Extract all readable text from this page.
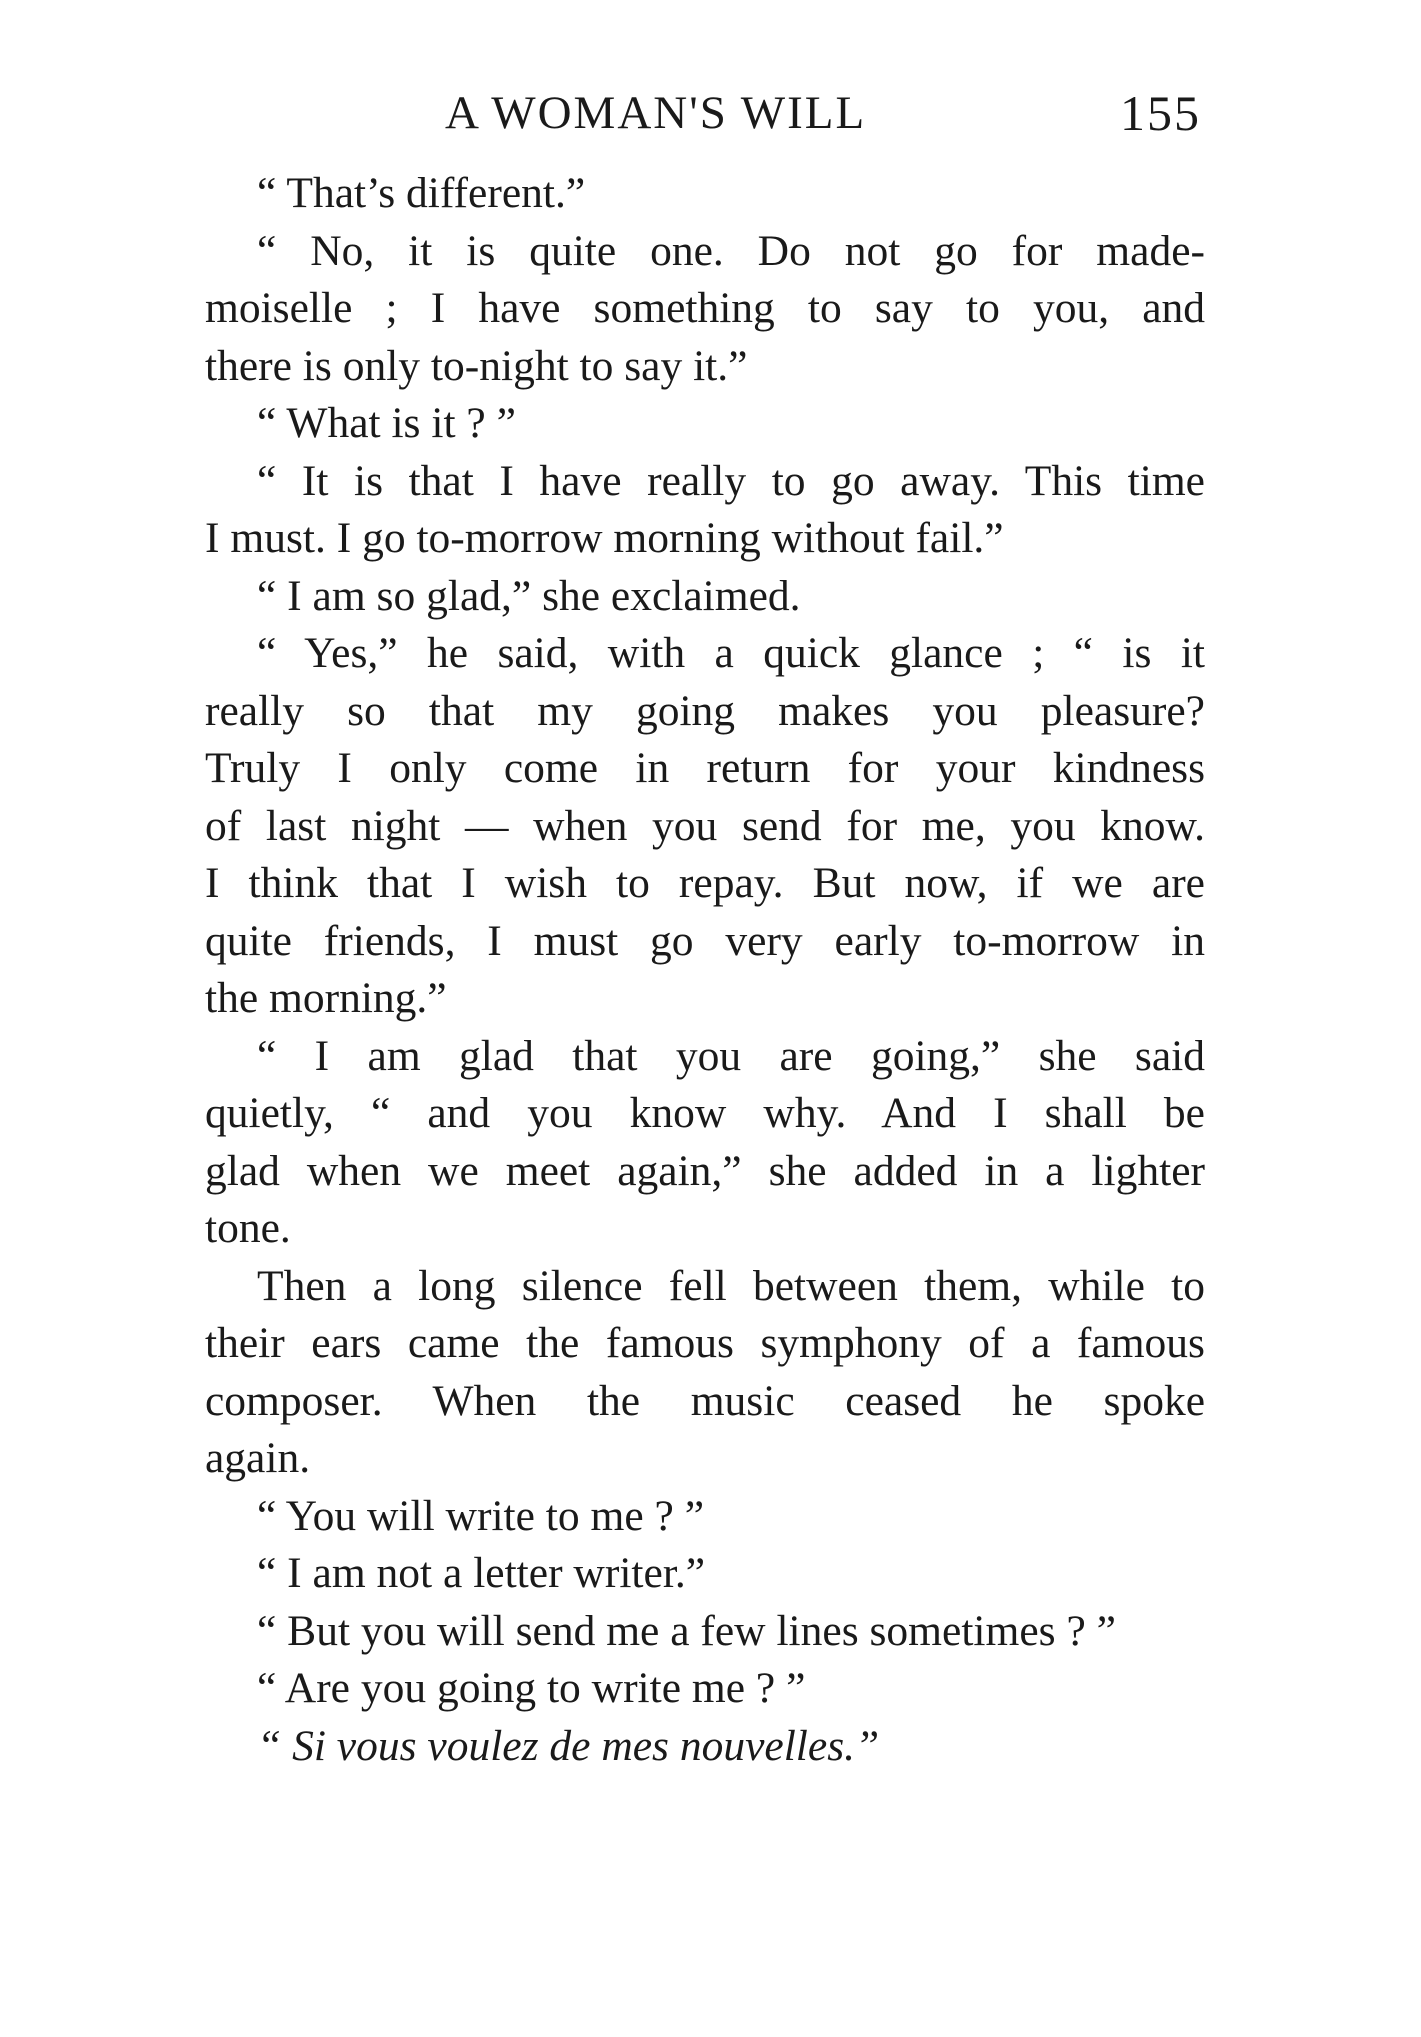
A WOMAN'S WILL	155
“ That’s different.”
“ No, it is quite one. Do not go for made-
moiselle ; I have something to say to you, and
there is only to-night to say it.”
“ What is it ? ”
“ It is that I have really to go away. This time
I must. I go to-morrow morning without fail.”
“ I am so glad,” she exclaimed.
“ Yes,” he said, with a quick glance ; “ is it
really so that my going makes you pleasure?
Truly I only come in return for your kindness
of last night — when you send for me, you know.
I think that I wish to repay. But now, if we are
quite friends, I must go very early to-morrow in
the morning.”
“ I am glad that you are going,” she said
quietly, “ and you know why. And I shall be
glad when we meet again,” she added in a lighter
tone.
Then a long silence fell between them, while to
their ears came the famous symphony of a famous
composer. When the music ceased he spoke
again.
“ You will write to me ? ”
“ I am not a letter writer.”
“ But you will send me a few lines sometimes ? ”
“ Are you going to write me ? ”
“ Si vous voulez de mes nouvelles.”
